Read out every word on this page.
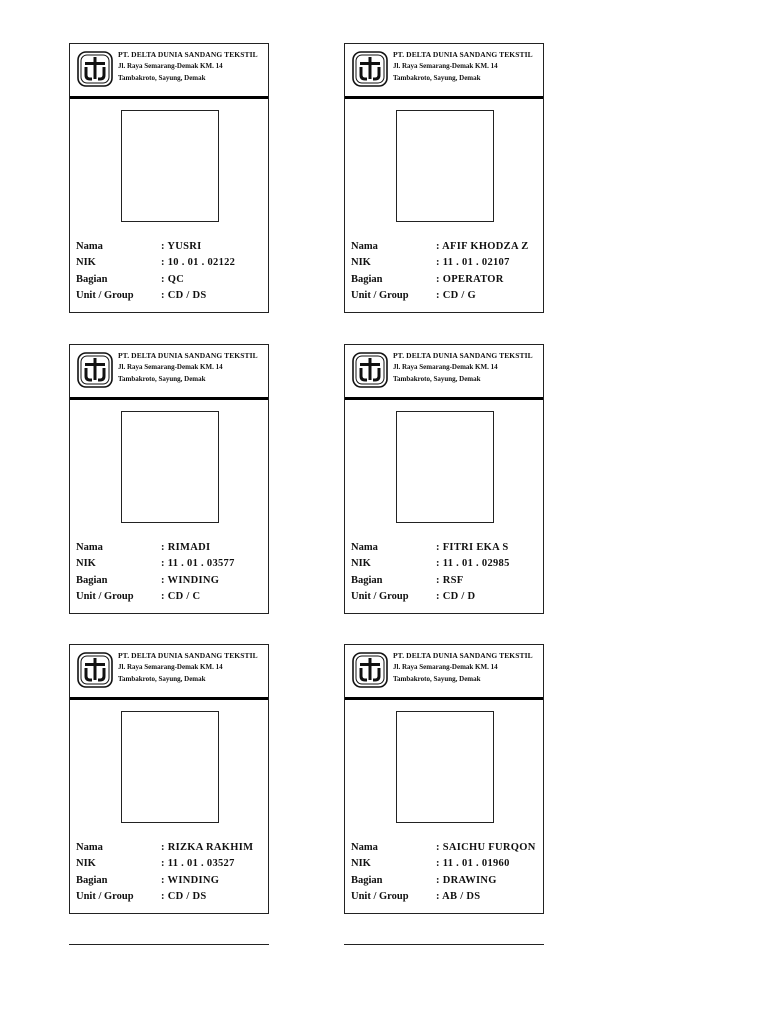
PT. DELTA DUNIA SANDANG TEKSTIL
Jl. Raya Semarang-Demak KM. 14
Tambakroto, Sayung, Demak
Nama	: YUSRI
NIK	: 10 . 01 . 02122
Bagian	: QC
Unit / Group	: CD / DS
PT. DELTA DUNIA SANDANG TEKSTIL
Jl. Raya Semarang-Demak KM. 14
Tambakroto, Sayung, Demak
Nama	: AFIF KHODZA Z
NIK	: 11 . 01 . 02107
Bagian	: OPERATOR
Unit / Group	: CD / G
PT. DELTA DUNIA SANDANG TEKSTIL
Jl. Raya Semarang-Demak KM. 14
Tambakroto, Sayung, Demak
Nama	: RIMADI
NIK	: 11 . 01 . 03577
Bagian	: WINDING
Unit / Group	: CD / C
PT. DELTA DUNIA SANDANG TEKSTIL
Jl. Raya Semarang-Demak KM. 14
Tambakroto, Sayung, Demak
Nama	: FITRI EKA S
NIK	: 11 . 01 . 02985
Bagian	: RSF
Unit / Group	: CD / D
PT. DELTA DUNIA SANDANG TEKSTIL
Jl. Raya Semarang-Demak KM. 14
Tambakroto, Sayung, Demak
Nama	: RIZKA RAKHIM
NIK	: 11 . 01 . 03527
Bagian	: WINDING
Unit / Group	: CD / DS
PT. DELTA DUNIA SANDANG TEKSTIL
Jl. Raya Semarang-Demak KM. 14
Tambakroto, Sayung, Demak
Nama	: SAICHU FURQON
NIK	: 11 . 01 . 01960
Bagian	: DRAWING
Unit / Group	: AB / DS
